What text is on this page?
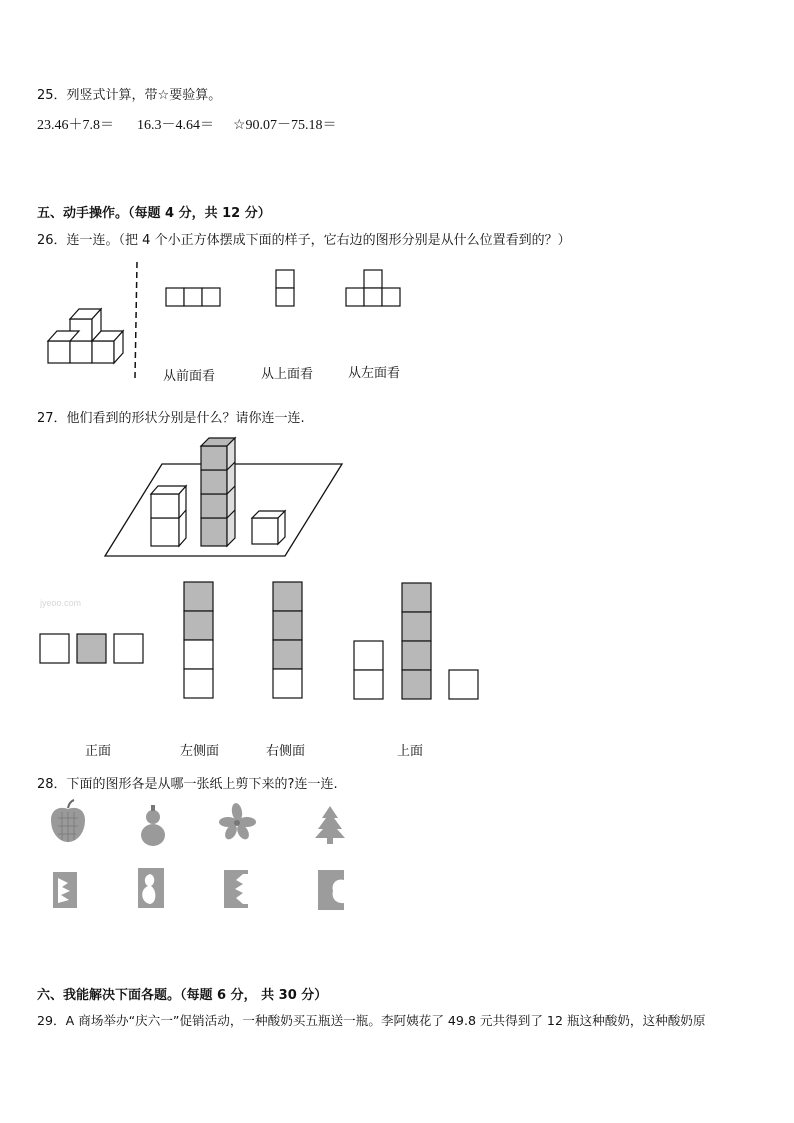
25．列竖式计算，带☆要验算。
23.46＋7.8＝ 16.3－4.64＝ ☆90.07－75.18＝
五、动手操作。（每题 4 分，共 12 分）
26．连一连。（把 4 个小正方体摆成下面的样子，它右边的图形分别是从什么位置看到的？）
从前面看	从上面看	从左面看
27．他们看到的形状分别是什么？请你连一连.
jyeoo.com
正面	左侧面	右侧面	上面
28．下面的图形各是从哪一张纸上剪下来的?连一连.
六、我能解决下面各题。（每题 6 分， 共 30 分）
29．A 商场举办“庆六一”促销活动，一种酸奶买五瓶送一瓶。李阿姨花了 49.8 元共得到了 12 瓶这种酸奶，这种酸奶原
